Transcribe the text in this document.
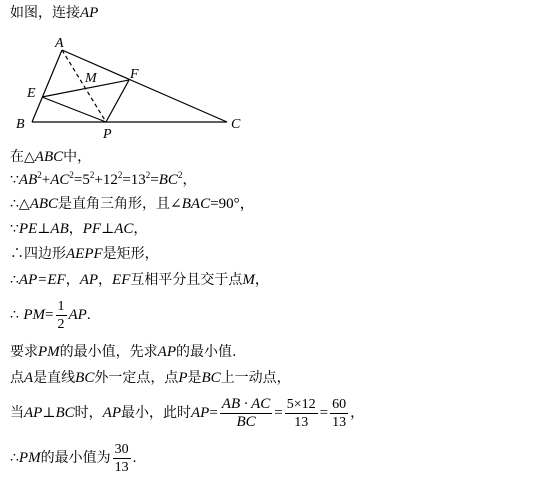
如图，连接AP
A
B	C
E
F
M
P
在△ABC中，
$\because AB^2+AC^2=5^2+12^2=13^2=BC^2$，
∴△ABC是直角三角形，且∠BAC=90°，
∵PE⊥AB，PF⊥AC，
∴四边形AEPF是矩形，
∴AP=EF，AP，EF互相平分且交于点M，
∴ $PM= \frac{1}{2}$ AP.
要求PM的最小值，先求AP的最小值.
点A是直线BC外一定点，点P是BC上一动点，
当AP⊥BC时，AP最小，此时$AP= \frac{AB \cdot AC}{BC} = \frac{5\times 12}{13} = \frac{60}{13}$ ，
∴PM的最小值为 $\frac{30}{13}$ .
